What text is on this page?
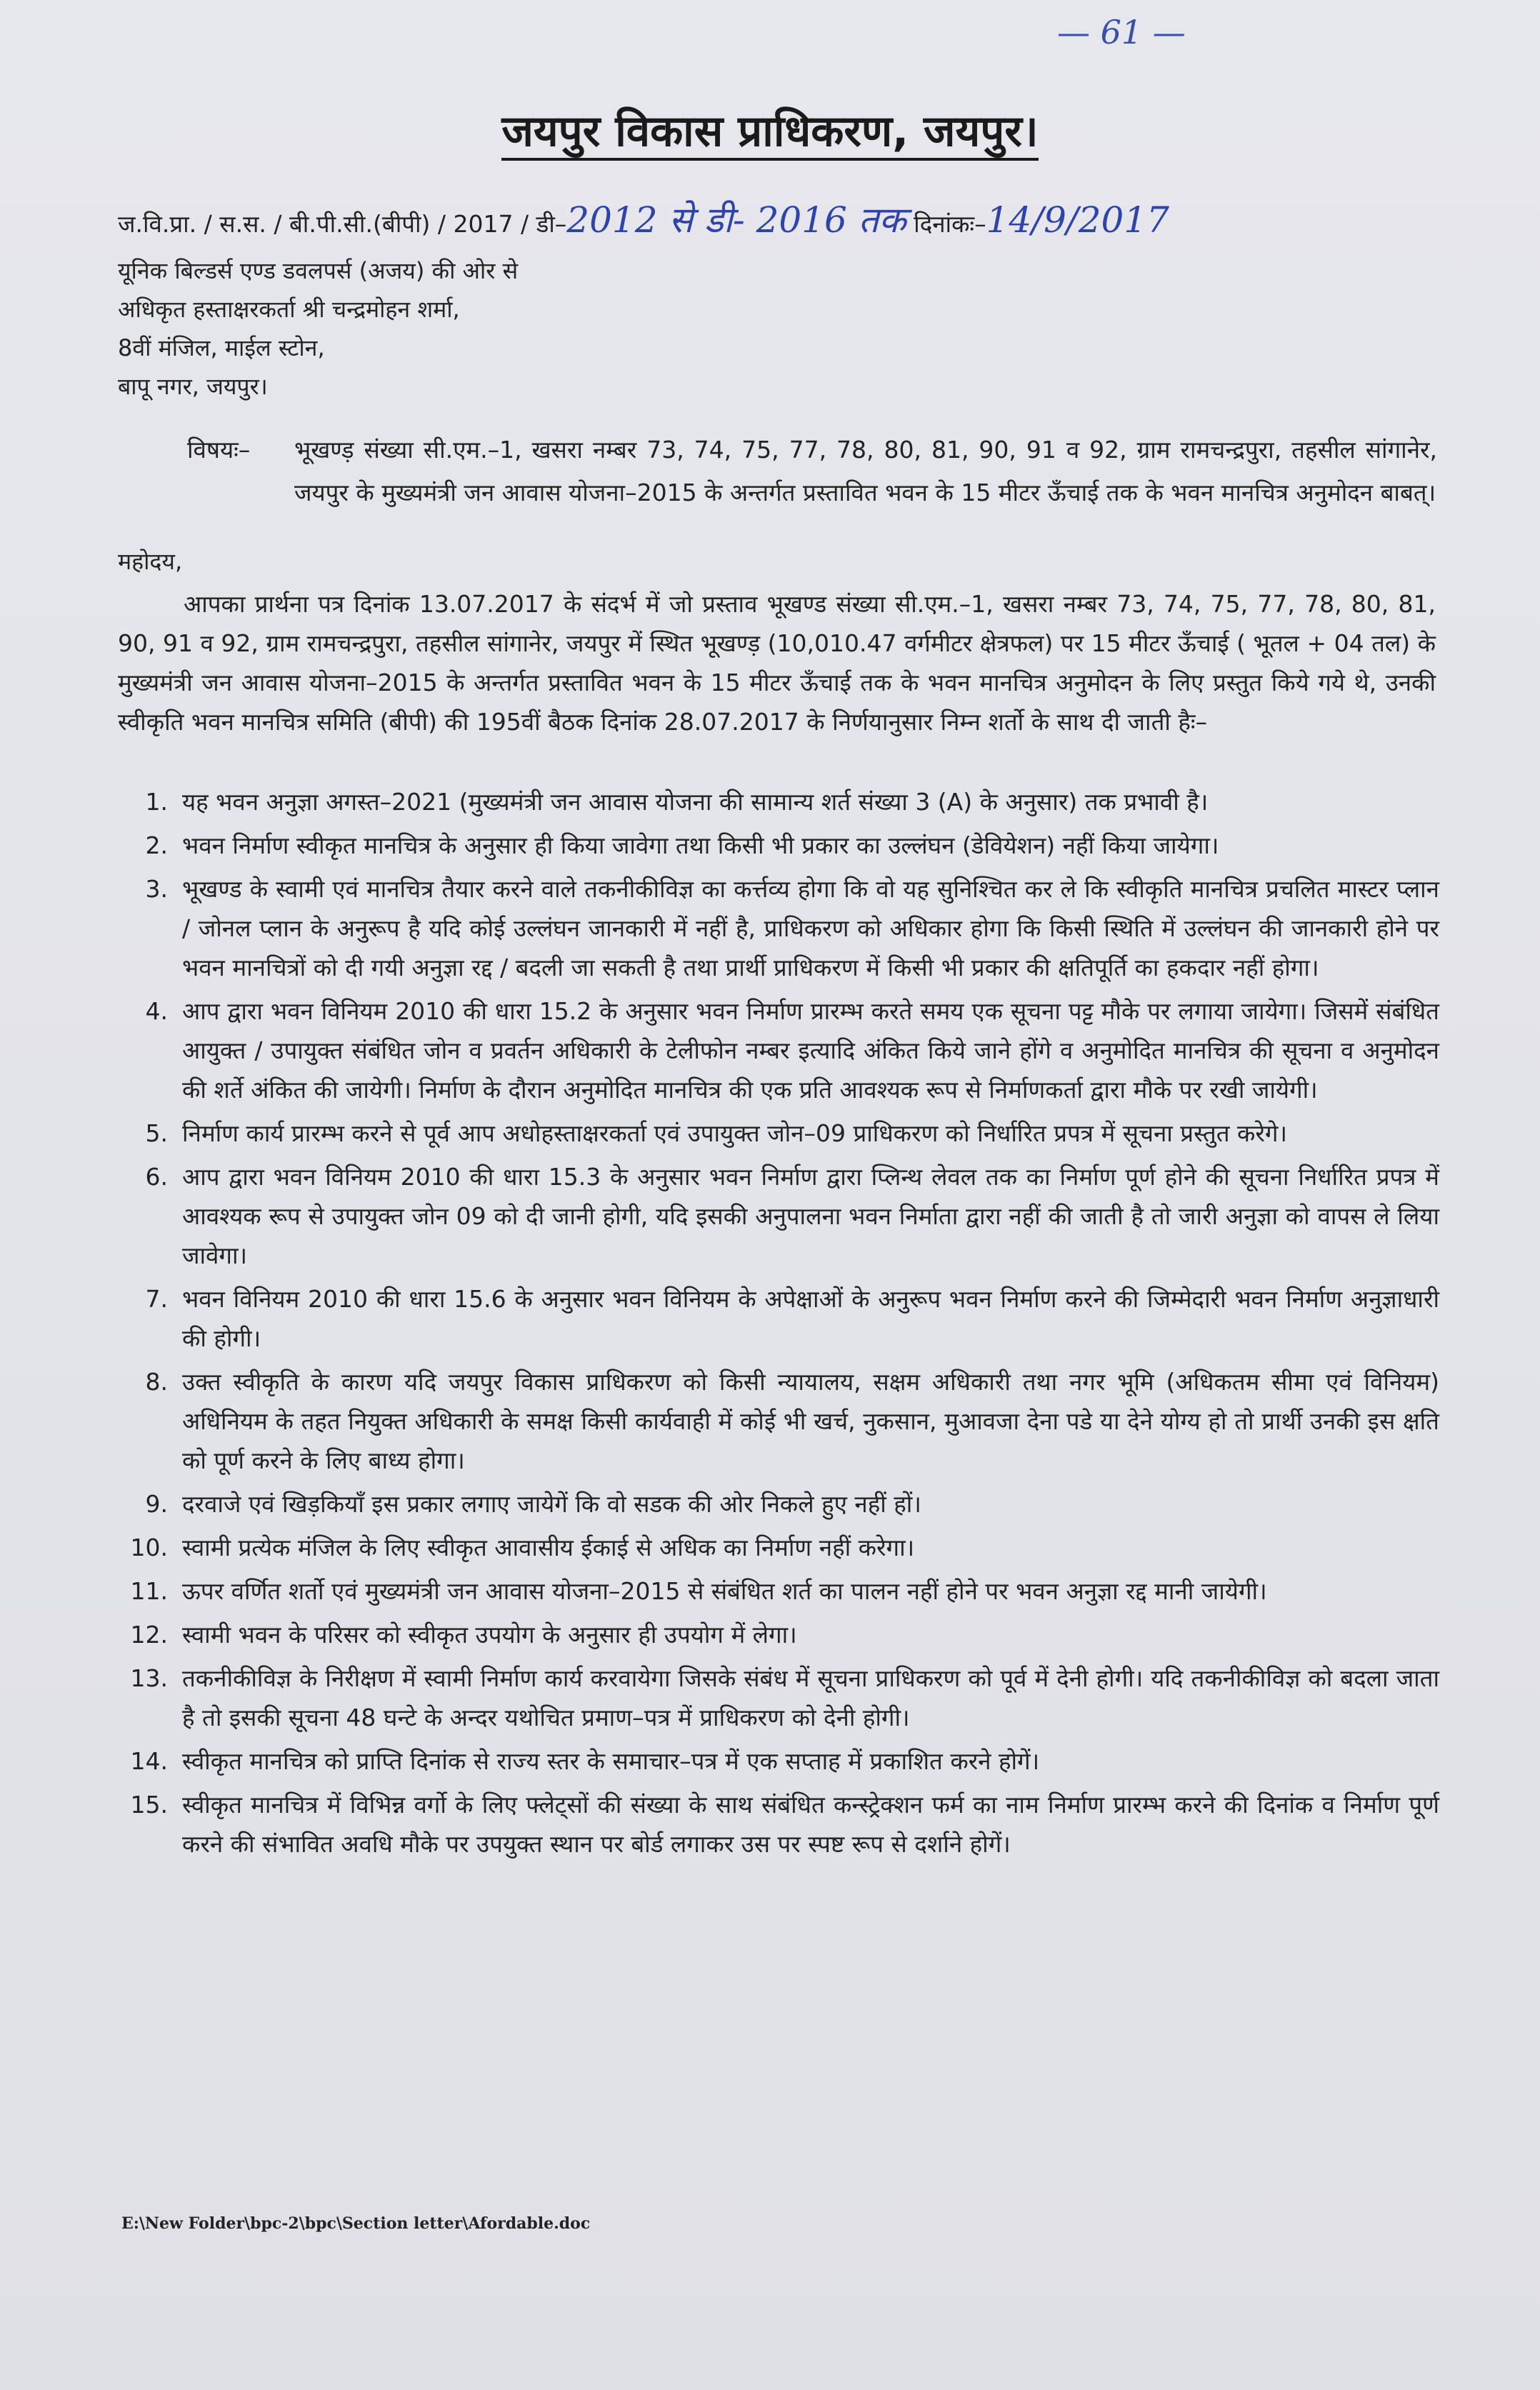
— 61 —
जयपुर विकास प्राधिकरण, जयपुर।
ज.वि.प्रा. / स.स. / बी.पी.सी.(बीपी) / 2017 / डी–2012 से डी- 2016 तक दिनांकः–14/9/2017
यूनिक बिल्डर्स एण्ड डवलपर्स (अजय) की ओर से
अधिकृत हस्ताक्षरकर्ता श्री चन्द्रमोहन शर्मा,
8वीं मंजिल, माईल स्टोन,
बापू नगर, जयपुर।
विषयः–	भूखण्ड़ संख्या सी.एम.–1, खसरा नम्बर 73, 74, 75, 77, 78, 80, 81, 90, 91 व 92, ग्राम रामचन्द्रपुरा, तहसील सांगानेर, जयपुर के मुख्यमंत्री जन आवास योजना–2015 के अन्तर्गत प्रस्तावित भवन के 15 मीटर ऊँचाई तक के भवन मानचित्र अनुमोदन बाबत्।
महोदय,
आपका प्रार्थना पत्र दिनांक 13.07.2017 के संदर्भ में जो प्रस्ताव भूखण्ड संख्या सी.एम.–1, खसरा नम्बर 73, 74, 75, 77, 78, 80, 81, 90, 91 व 92, ग्राम रामचन्द्रपुरा, तहसील सांगानेर, जयपुर में स्थित भूखण्ड़ (10,010.47 वर्गमीटर क्षेत्रफल) पर 15 मीटर ऊँचाई ( भूतल + 04 तल) के मुख्यमंत्री जन आवास योजना–2015 के अन्तर्गत प्रस्तावित भवन के 15 मीटर ऊँचाई तक के भवन मानचित्र अनुमोदन के लिए प्रस्तुत किये गये थे, उनकी स्वीकृति भवन मानचित्र समिति (बीपी) की 195वीं बैठक दिनांक 28.07.2017 के निर्णयानुसार निम्न शर्तो के साथ दी जाती हैः–
1. यह भवन अनुज्ञा अगस्त–2021 (मुख्यमंत्री जन आवास योजना की सामान्य शर्त संख्या 3 (A) के अनुसार) तक प्रभावी है।
2. भवन निर्माण स्वीकृत मानचित्र के अनुसार ही किया जावेगा तथा किसी भी प्रकार का उल्लंघन (डेवियेशन) नहीं किया जायेगा।
3. भूखण्ड के स्वामी एवं मानचित्र तैयार करने वाले तकनीकीविज्ञ का कर्त्तव्य होगा कि वो यह सुनिश्चित कर ले कि स्वीकृति मानचित्र प्रचलित मास्टर प्लान / जोनल प्लान के अनुरूप है यदि कोई उल्लंघन जानकारी में नहीं है, प्राधिकरण को अधिकार होगा कि किसी स्थिति में उल्लंघन की जानकारी होने पर भवन मानचित्रों को दी गयी अनुज्ञा रद्द / बदली जा सकती है तथा प्रार्थी प्राधिकरण में किसी भी प्रकार की क्षतिपूर्ति का हकदार नहीं होगा।
4. आप द्वारा भवन विनियम 2010 की धारा 15.2 के अनुसार भवन निर्माण प्रारम्भ करते समय एक सूचना पट्ट मौके पर लगाया जायेगा। जिसमें संबंधित आयुक्त / उपायुक्त संबंधित जोन व प्रवर्तन अधिकारी के टेलीफोन नम्बर इत्यादि अंकित किये जाने होंगे व अनुमोदित मानचित्र की सूचना व अनुमोदन की शर्ते अंकित की जायेगी। निर्माण के दौरान अनुमोदित मानचित्र की एक प्रति आवश्यक रूप से निर्माणकर्ता द्वारा मौके पर रखी जायेगी।
5. निर्माण कार्य प्रारम्भ करने से पूर्व आप अधोहस्ताक्षरकर्ता एवं उपायुक्त जोन–09 प्राधिकरण को निर्धारित प्रपत्र में सूचना प्रस्तुत करेगे।
6. आप द्वारा भवन विनियम 2010 की धारा 15.3 के अनुसार भवन निर्माण द्वारा प्लिन्थ लेवल तक का निर्माण पूर्ण होने की सूचना निर्धारित प्रपत्र में आवश्यक रूप से उपायुक्त जोन 09 को दी जानी होगी, यदि इसकी अनुपालना भवन निर्माता द्वारा नहीं की जाती है तो जारी अनुज्ञा को वापस ले लिया जावेगा।
7. भवन विनियम 2010 की धारा 15.6 के अनुसार भवन विनियम के अपेक्षाओं के अनुरूप भवन निर्माण करने की जिम्मेदारी भवन निर्माण अनुज्ञाधारी की होगी।
8. उक्त स्वीकृति के कारण यदि जयपुर विकास प्राधिकरण को किसी न्यायालय, सक्षम अधिकारी तथा नगर भूमि (अधिकतम सीमा एवं विनियम) अधिनियम के तहत नियुक्त अधिकारी के समक्ष किसी कार्यवाही में कोई भी खर्च, नुकसान, मुआवजा देना पडे या देने योग्य हो तो प्रार्थी उनकी इस क्षति को पूर्ण करने के लिए बाध्य होगा।
9. दरवाजे एवं खिड़कियाँ इस प्रकार लगाए जायेगें कि वो सडक की ओर निकले हुए नहीं हों।
10. स्वामी प्रत्येक मंजिल के लिए स्वीकृत आवासीय ईकाई से अधिक का निर्माण नहीं करेगा।
11. ऊपर वर्णित शर्तो एवं मुख्यमंत्री जन आवास योजना–2015 से संबंधित शर्त का पालन नहीं होने पर भवन अनुज्ञा रद्द मानी जायेगी।
12. स्वामी भवन के परिसर को स्वीकृत उपयोग के अनुसार ही उपयोग में लेगा।
13. तकनीकीविज्ञ के निरीक्षण में स्वामी निर्माण कार्य करवायेगा जिसके संबंध में सूचना प्राधिकरण को पूर्व में देनी होगी। यदि तकनीकीविज्ञ को बदला जाता है तो इसकी सूचना 48 घन्टे के अन्दर यथोचित प्रमाण–पत्र में प्राधिकरण को देनी होगी।
14. स्वीकृत मानचित्र को प्राप्ति दिनांक से राज्य स्तर के समाचार–पत्र में एक सप्ताह में प्रकाशित करने होगें।
15. स्वीकृत मानचित्र में विभिन्न वर्गो के लिए फ्लेट्सों की संख्या के साथ संबंधित कन्स्ट्रेक्शन फर्म का नाम निर्माण प्रारम्भ करने की दिनांक व निर्माण पूर्ण करने की संभावित अवधि मौके पर उपयुक्त स्थान पर बोर्ड लगाकर उस पर स्पष्ट रूप से दर्शाने होगें।
E:\New Folder\bpc-2\bpc\Section letter\Afordable.doc
